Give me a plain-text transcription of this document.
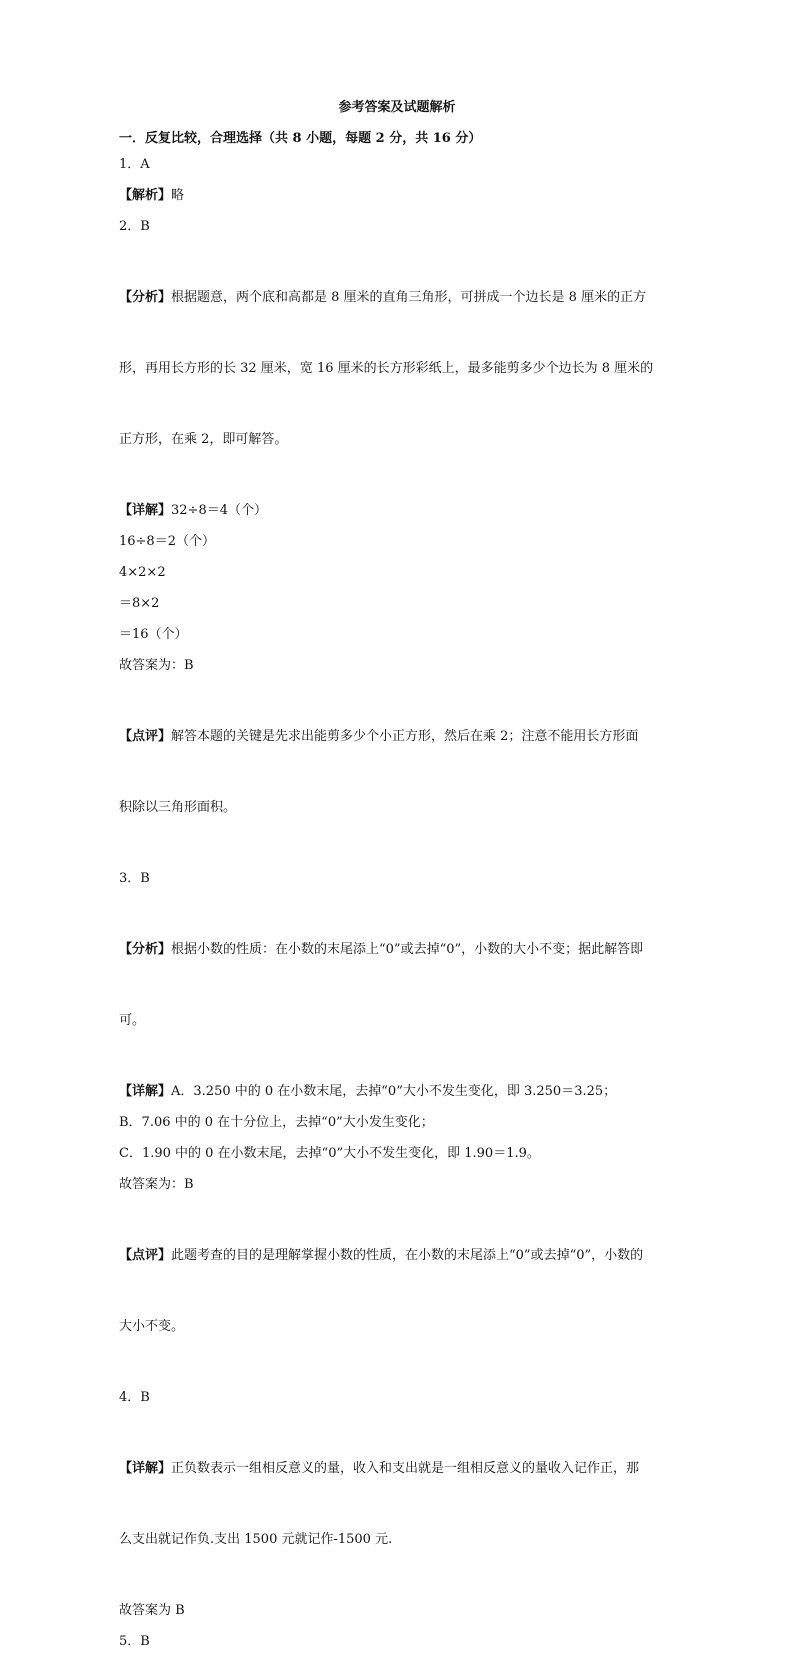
参考答案及试题解析
一．反复比较，合理选择（共 8 小题，每题 2 分，共 16 分）
1．A
【解析】略
2．B

【分析】根据题意，两个底和高都是 8 厘米的直角三角形，可拼成一个边长是 8 厘米的正方

形，再用长方形的长 32 厘米，宽 16 厘米的长方形彩纸上，最多能剪多少个边长为 8 厘米的

正方形，在乘 2，即可解答。

【详解】32÷8＝4（个）
16÷8＝2（个）
4×2×2
＝8×2
＝16（个）
故答案为：B

【点评】解答本题的关键是先求出能剪多少个小正方形，然后在乘 2；注意不能用长方形面

积除以三角形面积。

3．B

【分析】根据小数的性质：在小数的末尾添上“0”或去掉“0”，小数的大小不变；据此解答即

可。

【详解】A．3.250 中的 0 在小数末尾，去掉“0”大小不发生变化，即 3.250＝3.25；
B．7.06 中的 0 在十分位上，去掉“0”大小发生变化；
C．1.90 中的 0 在小数末尾，去掉“0”大小不发生变化，即 1.90＝1.9。
故答案为：B

【点评】此题考查的目的是理解掌握小数的性质，在小数的末尾添上“0”或去掉“0”，小数的

大小不变。

4．B

【详解】正负数表示一组相反意义的量，收入和支出就是一组相反意义的量收入记作正，那

么支出就记作负.支出 1500 元就记作-1500 元.

故答案为 B
5．B
